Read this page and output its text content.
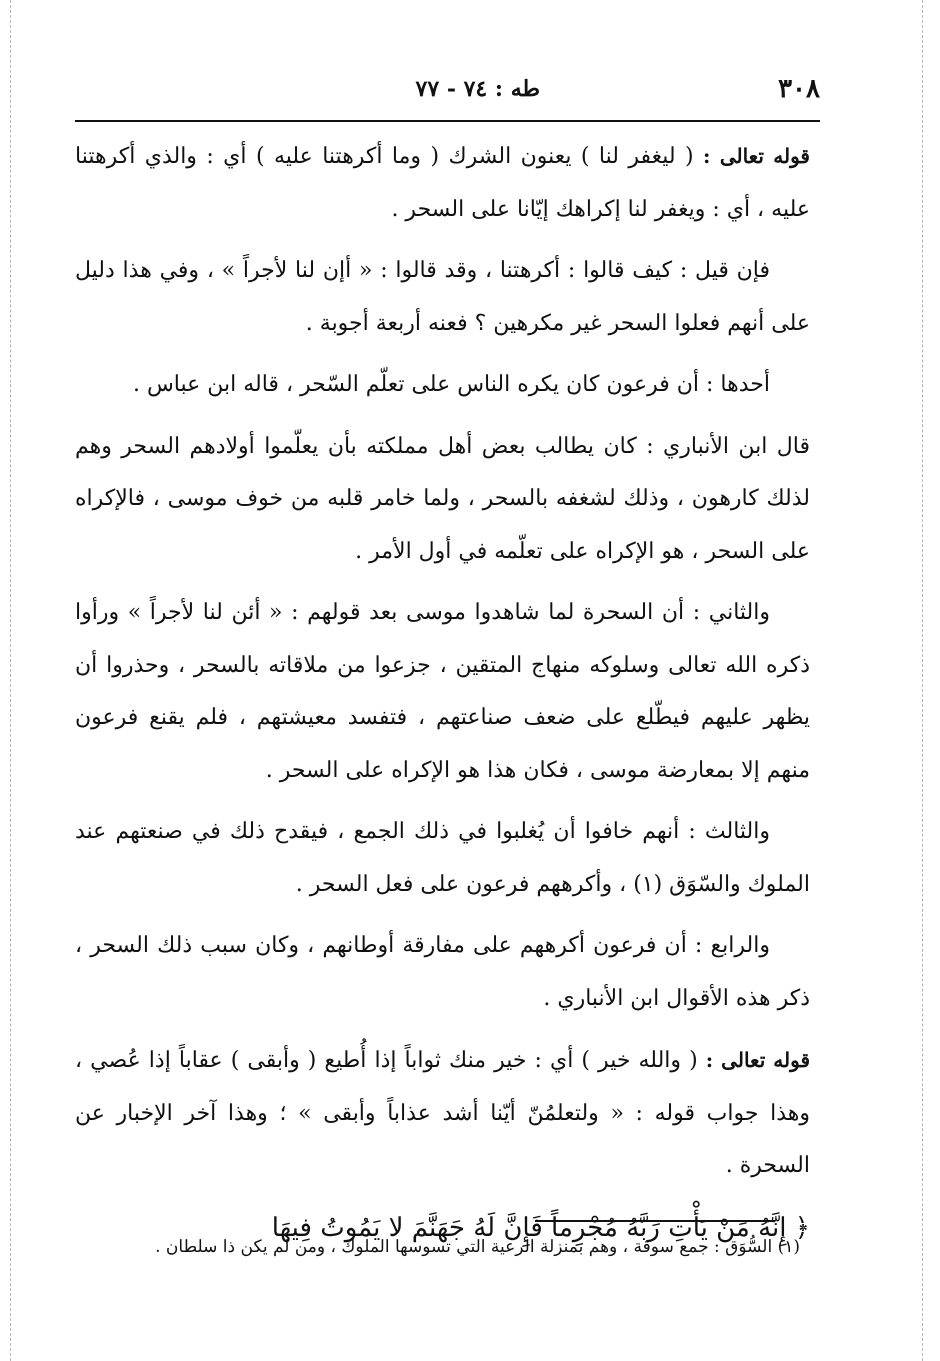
٣٠٨
طه : ٧٤ - ٧٧

قوله تعالى : ( ليغفر لنا ) يعنون الشرك ( وما أكرهتنا عليه ) أي : والذي أكرهتنا عليه ، أي : ويغفر لنا إكراهك إيّانا على السحر .

فإن قيل : كيف قالوا : أكرهتنا ، وقد قالوا : « أإن لنا لأجراً » ، وفي هذا دليل على أنهم فعلوا السحر غير مكرهين ؟ فعنه أربعة أجوبة .

أحدها : أن فرعون كان يكره الناس على تعلّم السّحر ، قاله ابن عباس .

قال ابن الأنباري : كان يطالب بعض أهل مملكته بأن يعلّموا أولادهم السحر وهم لذلك كارهون ، وذلك لشغفه بالسحر ، ولما خامر قلبه من خوف موسى ، فالإكراه على السحر ، هو الإكراه على تعلّمه في أول الأمر .

والثاني : أن السحرة لما شاهدوا موسى بعد قولهم : « أئن لنا لأجراً » ورأوا ذكره الله تعالى وسلوكه منهاج المتقين ، جزعوا من ملاقاته بالسحر ، وحذروا أن يظهر عليهم فيطّلع على ضعف صناعتهم ، فتفسد معيشتهم ، فلم يقنع فرعون منهم إلا بمعارضة موسى ، فكان هذا هو الإكراه على السحر .

والثالث : أنهم خافوا أن يُغلبوا في ذلك الجمع ، فيقدح ذلك في صنعتهم عند الملوك والسّوَق (١) ، وأكرههم فرعون على فعل السحر .

والرابع : أن فرعون أكرههم على مفارقة أوطانهم ، وكان سبب ذلك السحر ، ذكر هذه الأقوال ابن الأنباري .

قوله تعالى : ( والله خير ) أي : خير منك ثواباً إذا أُطيع ( وأبقى ) عقاباً إذا عُصي ، وهذا جواب قوله : « ولتعلمُنّ أيّنا أشد عذاباً وأبقى » ؛ وهذا آخر الإخبار عن السحرة .

﴿ إِنَّهُ مَنْ يَأْتِ رَبَّهُ مُجْرِماً فَإِنَّ لَهُ جَهَنَّمَ لا يَمُوتُ فِيهَا

(١) السُّوَق : جمع سوقة ، وهم بمنزلة الرعية التي تسوسها الملوك ، ومن لم يكن ذا سلطان .
